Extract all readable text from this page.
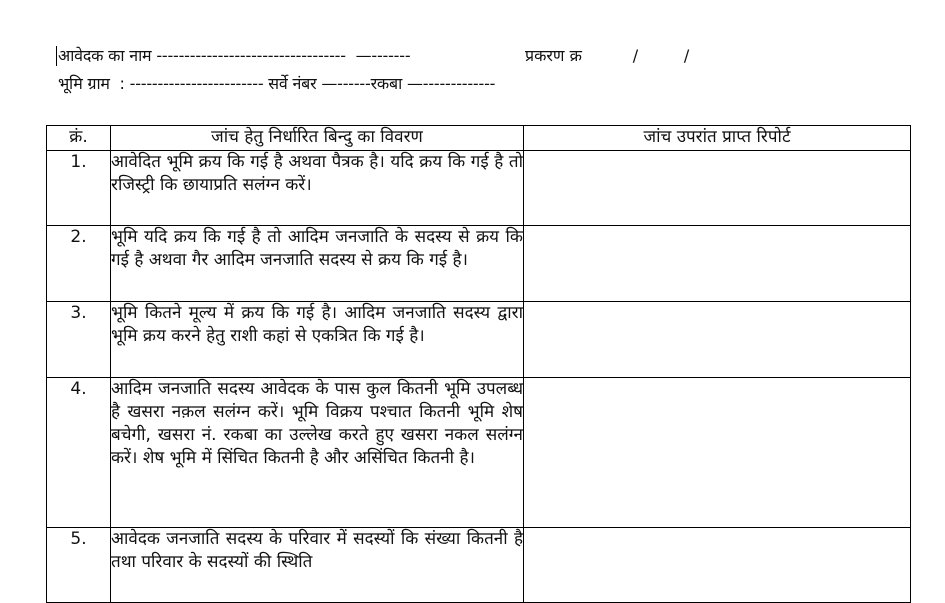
आवेदक का नाम ----------------------------------  —-------	प्रकरण क्र          /         /
भूमि ग्राम  : ------------------------ सर्वे नंबर —------रकबा —-------------
क्रं.	जांच हेतु निर्धारित बिन्दु का विवरण	जांच उपरांत प्राप्त रिपोर्ट
1.	आवेदित भूमि क्रय कि गई है अथवा पैत्रक है। यदि क्रय कि गई है तो रजिस्ट्री कि छायाप्रति सलंग्न करें।	
2.	भूमि यदि क्रय कि गई है तो आदिम जनजाति के सदस्य से क्रय कि गई है अथवा गैर आदिम जनजाति सदस्य से क्रय कि गई है।	
3.	भूमि कितने मूल्य में क्रय कि गई है। आदिम जनजाति सदस्य द्वारा भूमि क्रय करने हेतु राशी कहां से एकत्रित कि गई है।	
4.	आदिम जनजाति सदस्य आवेदक के पास कुल कितनी भूमि उपलब्ध है खसरा नक़ल सलंग्न करें। भूमि विक्रय पश्चात कितनी भूमि शेष बचेगी, खसरा नं. रकबा का उल्लेख करते हुए खसरा नकल सलंग्न करें। शेष भूमि में सिंचित कितनी है और असिंचित कितनी है।	
5.	आवेदक जनजाति सदस्य के परिवार में सदस्यों कि संख्या कितनी है तथा परिवार के सदस्यों की स्थिति	
